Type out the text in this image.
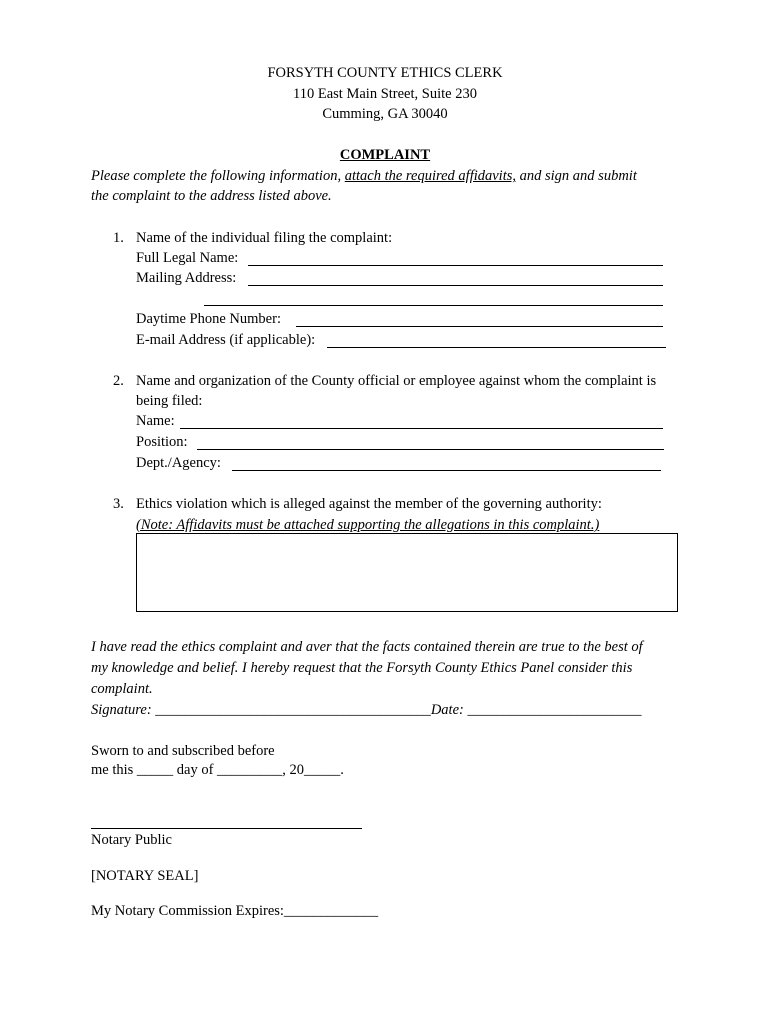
FORSYTH COUNTY ETHICS CLERK
110 East Main Street, Suite 230
Cumming, GA 30040
COMPLAINT
Please complete the following information, attach the required affidavits, and sign and submit
the complaint to the address listed above.
1. Name of the individual filing the complaint:
Full Legal Name:
Mailing Address:
Daytime Phone Number:
E-mail Address (if applicable):
2. Name and organization of the County official or employee against whom the complaint is
being filed:
Name:
Position:
Dept./Agency:
3. Ethics violation which is alleged against the member of the governing authority:
(Note: Affidavits must be attached supporting the allegations in this complaint.)
I have read the ethics complaint and aver that the facts contained therein are true to the best of
my knowledge and belief. I hereby request that the Forsyth County Ethics Panel consider this
complaint.
Signature: ______________________________________Date: ________________________
Sworn to and subscribed before
me this _____ day of _________, 20_____.
Notary Public
[NOTARY SEAL]
My Notary Commission Expires:_____________
